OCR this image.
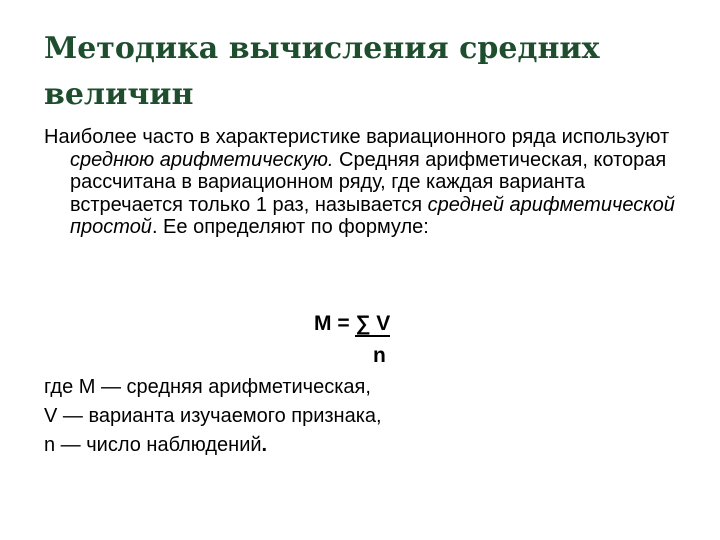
Методика вычисления средних величин

Наиболее часто в характеристике вариационного ряда используют среднюю арифметическую. Средняя арифметическая, которая рассчитана в вариационном ряду, где каждая варианта встречается только 1 раз, называется средней арифметической простой. Ее определяют по формуле:

M = ∑ V
n
где М — средняя арифметическая,
V — варианта изучаемого признака,
n — число наблюдений.
